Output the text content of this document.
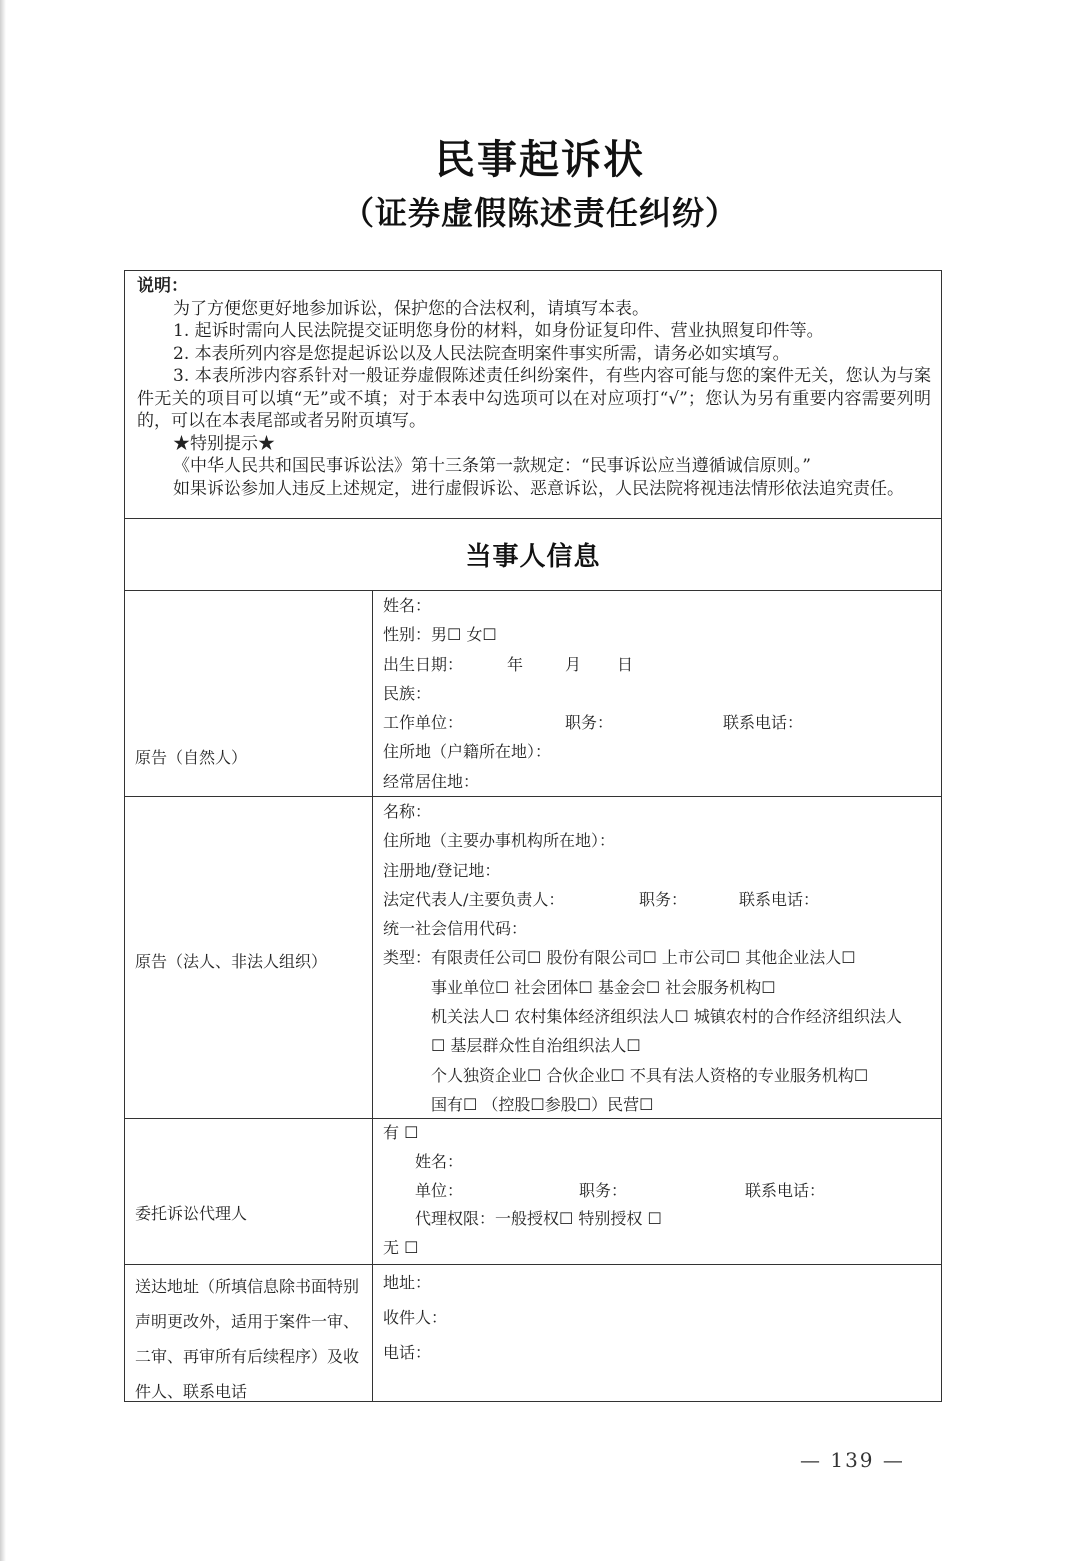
民事起诉状
（证券虚假陈述责任纠纷）
说明：
为了方便您更好地参加诉讼，保护您的合法权利，请填写本表。
1. 起诉时需向人民法院提交证明您身份的材料，如身份证复印件、营业执照复印件等。
2. 本表所列内容是您提起诉讼以及人民法院查明案件事实所需，请务必如实填写。
3. 本表所涉内容系针对一般证券虚假陈述责任纠纷案件，有些内容可能与您的案件无关，您认为与案件无关的项目可以填“无”或不填；对于本表中勾选项可以在对应项打“√”；您认为另有重要内容需要列明的，可以在本表尾部或者另附页填写。
★特别提示★
《中华人民共和国民事诉讼法》第十三条第一款规定：“民事诉讼应当遵循诚信原则。”
如果诉讼参加人违反上述规定，进行虚假诉讼、恶意诉讼，人民法院将视违法情形依法追究责任。
当事人信息
原告（自然人）
姓名：
性别：男☐ 女☐
出生日期：	年	月 日
民族：
工作单位：	职务：	联系电话：
住所地（户籍所在地）：
经常居住地：
原告（法人、非法人组织）
名称：
住所地（主要办事机构所在地）：
注册地/登记地：
法定代表人/主要负责人：	职务：	联系电话：
统一社会信用代码：
类型：有限责任公司☐ 股份有限公司☐ 上市公司☐ 其他企业法人☐
事业单位☐ 社会团体☐ 基金会☐ 社会服务机构☐
机关法人☐ 农村集体经济组织法人☐ 城镇农村的合作经济组织法人
☐ 基层群众性自治组织法人☐
个人独资企业☐ 合伙企业☐ 不具有法人资格的专业服务机构☐
国有☐ （控股☐参股☐）民营☐
委托诉讼代理人
有 ☐
姓名：
单位：	职务：	联系电话：
代理权限：一般授权☐ 特别授权 ☐
无 ☐
送达地址（所填信息除书面特别
声明更改外，适用于案件一审、
二审、再审所有后续程序）及收
件人、联系电话
地址：
收件人：
电话：
— 139 —
